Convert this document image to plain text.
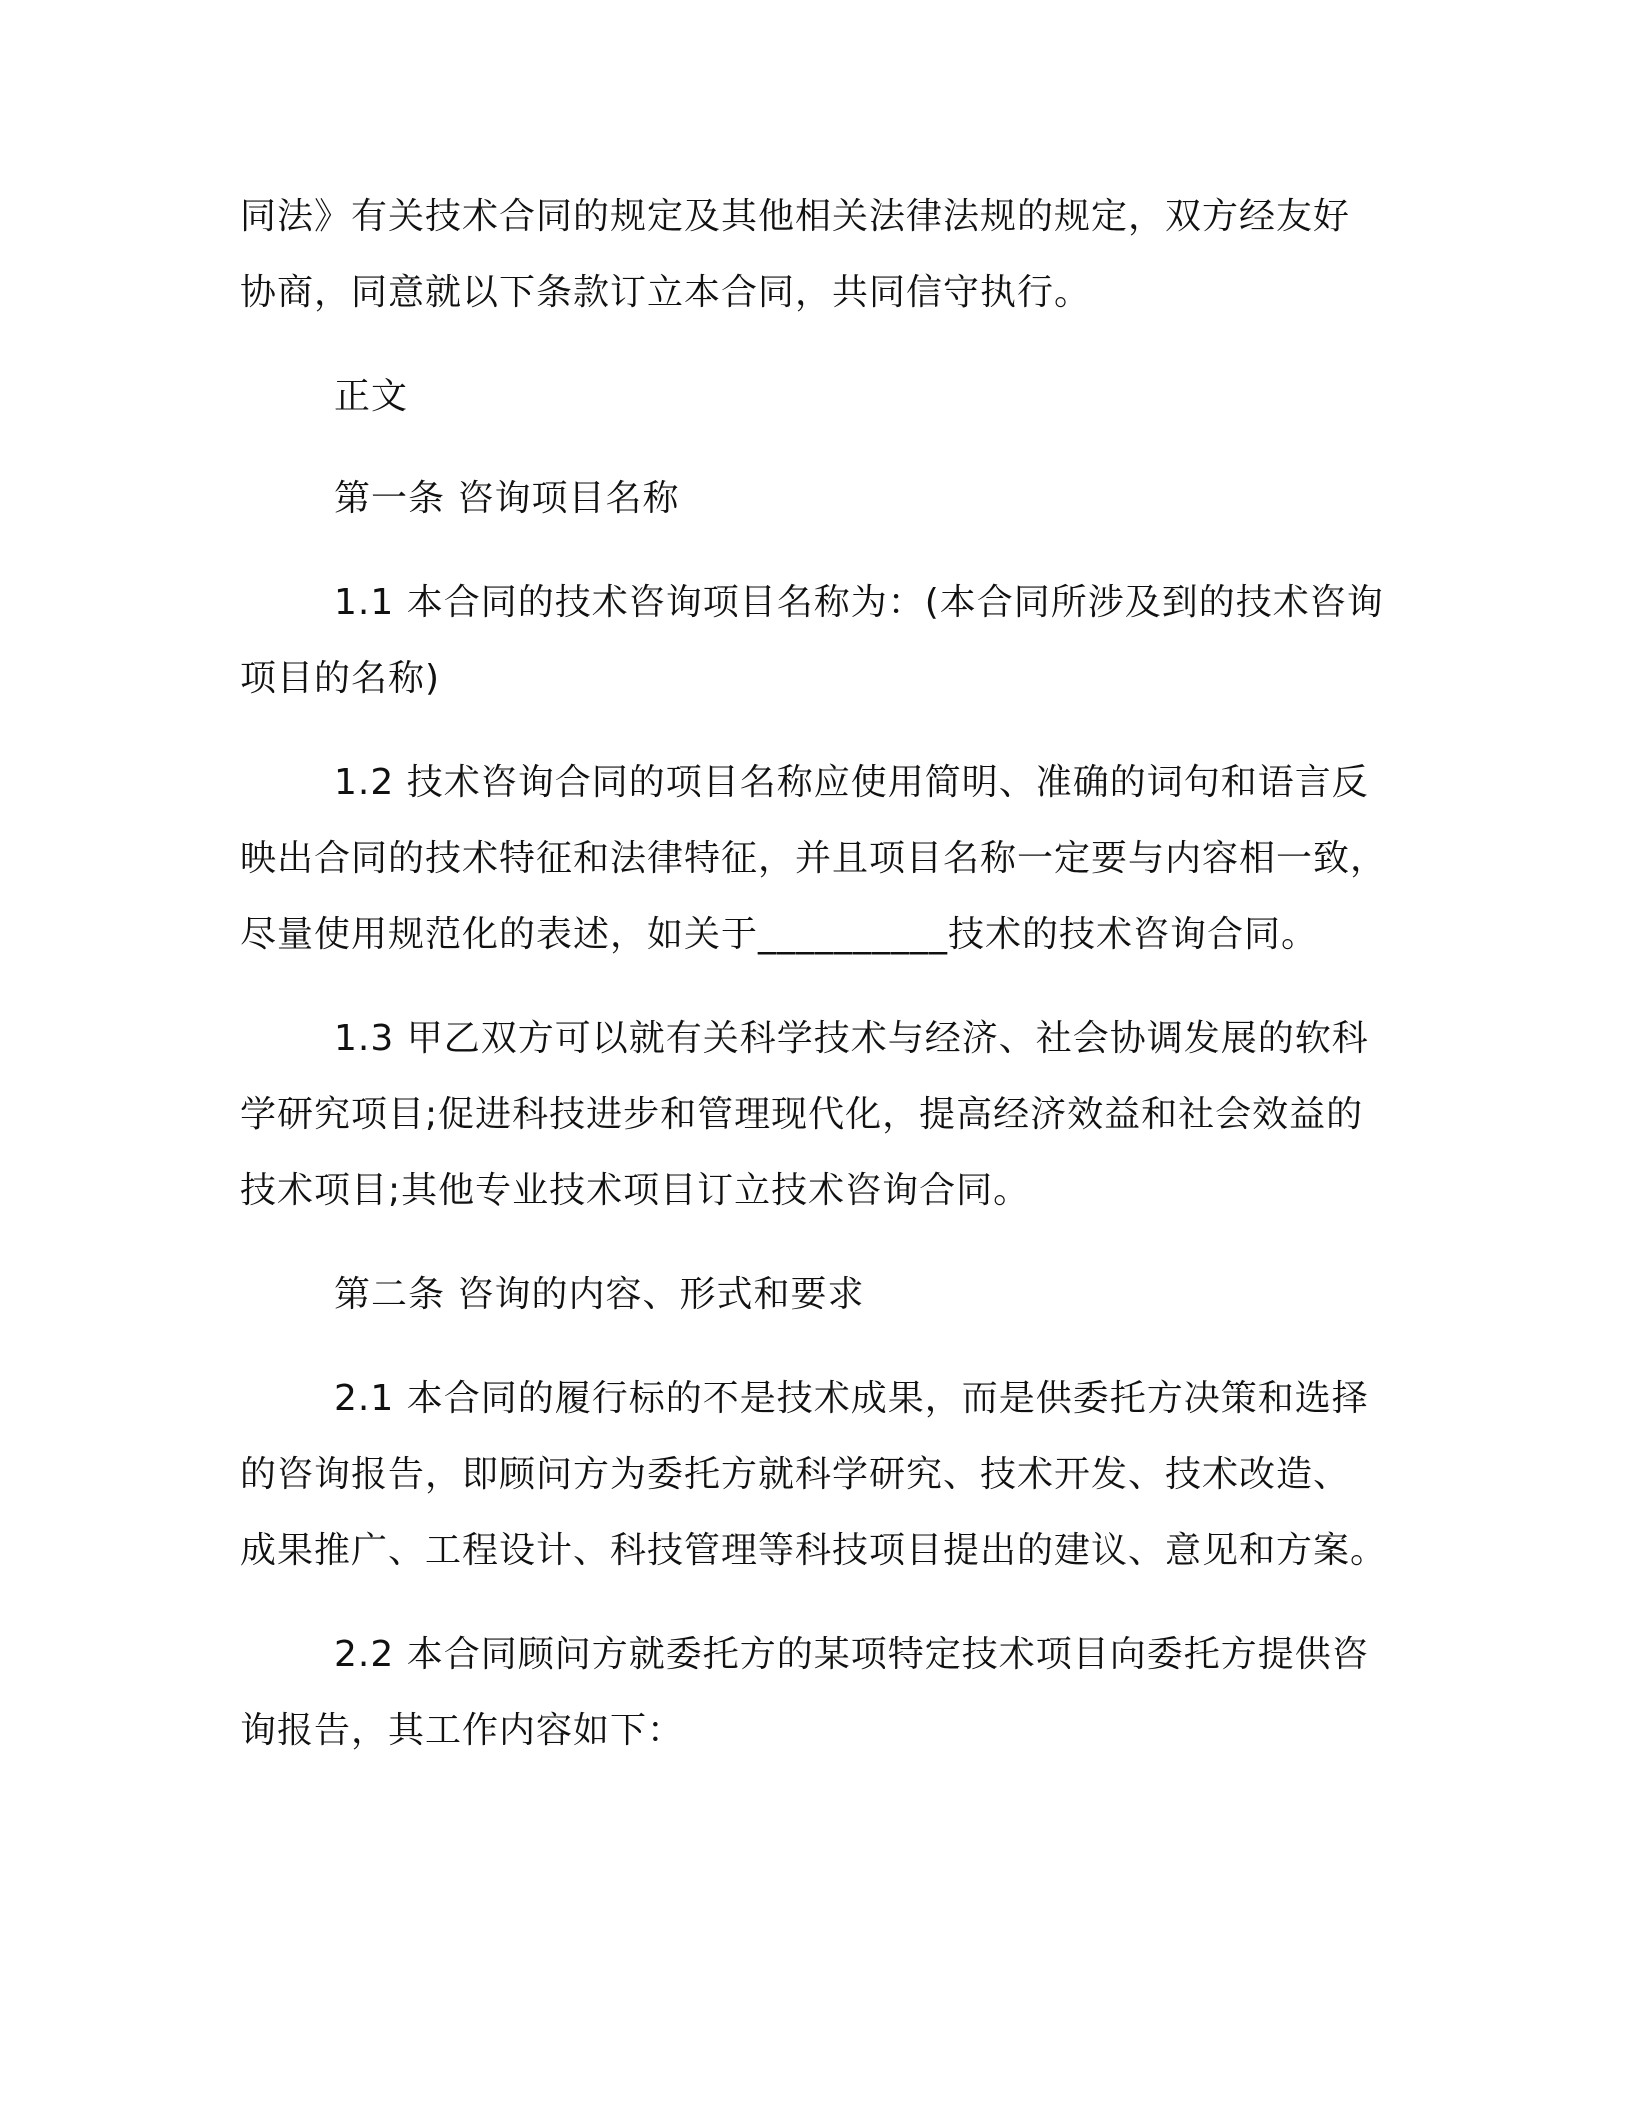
同法》有关技术合同的规定及其他相关法律法规的规定，双方经友好

协商，同意就以下条款订立本合同，共同信守执行。

正文

第一条 咨询项目名称

1.1 本合同的技术咨询项目名称为：(本合同所涉及到的技术咨询

项目的名称)

1.2 技术咨询合同的项目名称应使用简明、准确的词句和语言反

映出合同的技术特征和法律特征，并且项目名称一定要与内容相一致，

尽量使用规范化的表述，如关于__________技术的技术咨询合同。

1.3 甲乙双方可以就有关科学技术与经济、社会协调发展的软科

学研究项目;促进科技进步和管理现代化，提高经济效益和社会效益的

技术项目;其他专业技术项目订立技术咨询合同。

第二条 咨询的内容、形式和要求

2.1 本合同的履行标的不是技术成果，而是供委托方决策和选择

的咨询报告，即顾问方为委托方就科学研究、技术开发、技术改造、

成果推广、工程设计、科技管理等科技项目提出的建议、意见和方案。

2.2 本合同顾问方就委托方的某项特定技术项目向委托方提供咨

询报告，其工作内容如下：
